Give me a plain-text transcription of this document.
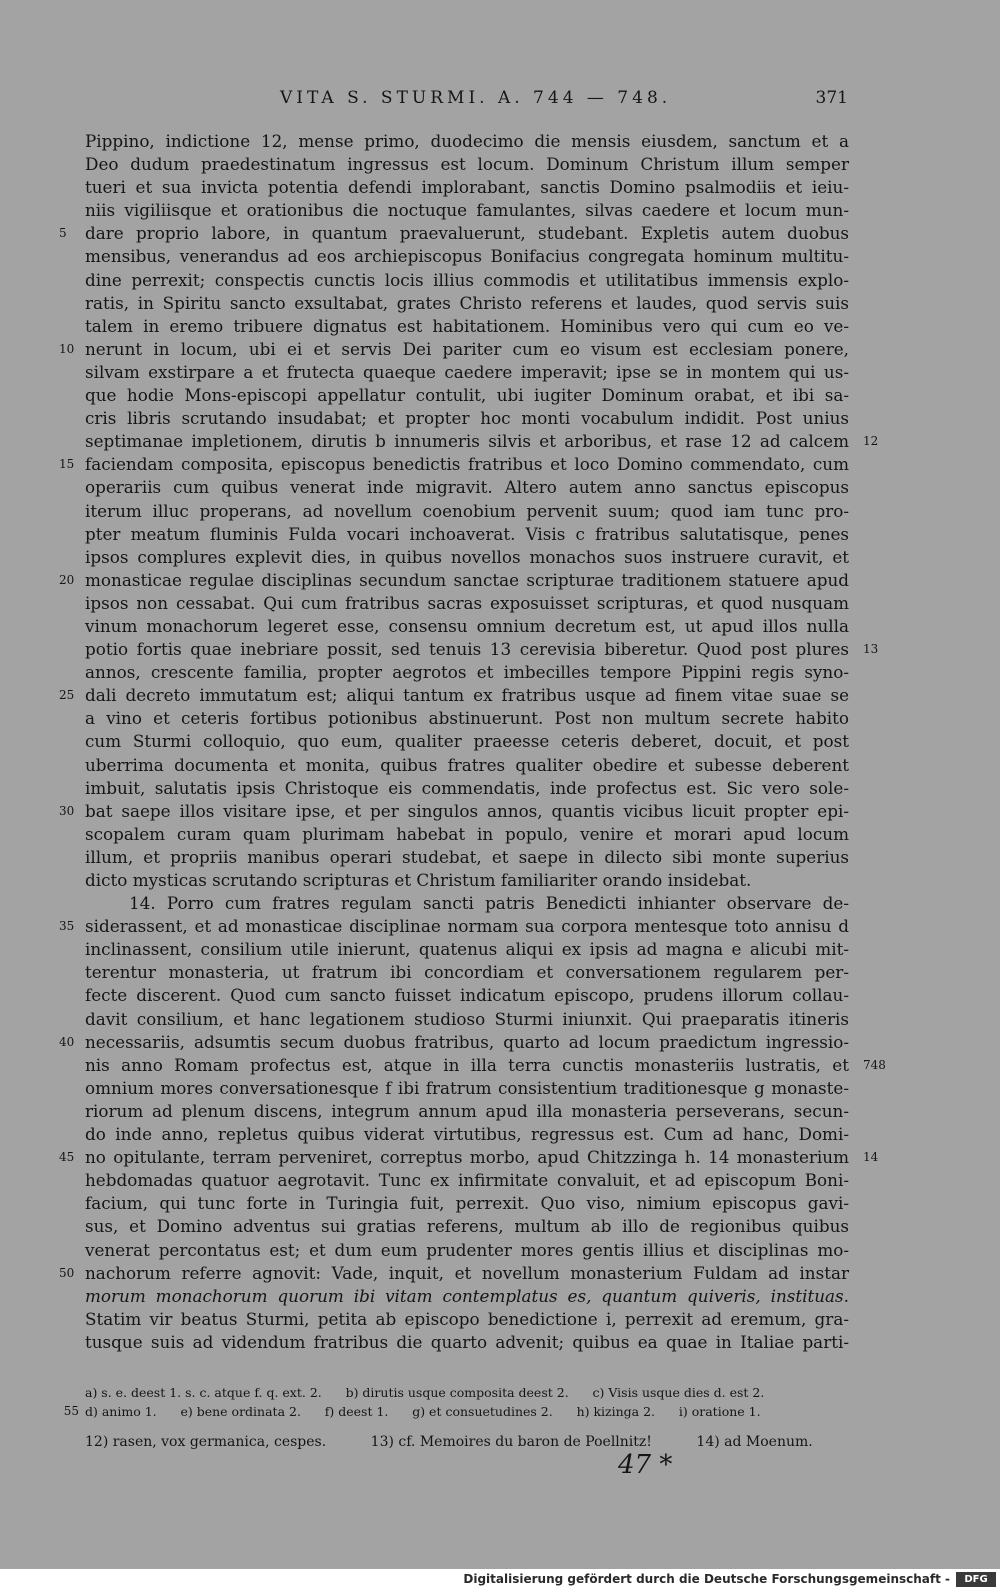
VITA S. STURMI. A. 744 — 748.	371
Pippino, indictione 12, mense primo, duodecimo die mensis eiusdem, sanctum et a
Deo dudum praedestinatum ingressus est locum. Dominum Christum illum semper
tueri et sua invicta potentia defendi implorabant, sanctis Domino psalmodiis et ieiu-
niis vigiliisque et orationibus die noctuque famulantes, silvas caedere et locum mun-
5	dare proprio labore, in quantum praevaluerunt, studebant. Expletis autem duobus
mensibus, venerandus ad eos archiepiscopus Bonifacius congregata hominum multitu-
dine perrexit; conspectis cunctis locis illius commodis et utilitatibus immensis explo-
ratis, in Spiritu sancto exsultabat, grates Christo referens et laudes, quod servis suis
talem in eremo tribuere dignatus est habitationem. Hominibus vero qui cum eo ve-
10 nerunt in locum, ubi ei et servis Dei pariter cum eo visum est ecclesiam ponere,
silvam exstirpare a et frutecta quaeque caedere imperavit; ipse se in montem qui us-
que hodie Mons-episcopi appellatur contulit, ubi iugiter Dominum orabat, et ibi sa-
cris libris scrutando insudabat; et propter hoc monti vocabulum indidit. Post unius
septimanae impletionem, dirutis b innumeris silvis et arboribus, et rase 12 ad calcem 12
15 faciendam composita, episcopus benedictis fratribus et loco Domino commendato, cum
operariis cum quibus venerat inde migravit. Altero autem anno sanctus episcopus
iterum illuc properans, ad novellum coenobium pervenit suum; quod iam tunc pro-
pter meatum fluminis Fulda vocari inchoaverat. Visis c fratribus salutatisque, penes
ipsos complures explevit dies, in quibus novellos monachos suos instruere curavit, et
20 monasticae regulae disciplinas secundum sanctae scripturae traditionem statuere apud
ipsos non cessabat. Qui cum fratribus sacras exposuisset scripturas, et quod nusquam
vinum monachorum legeret esse, consensu omnium decretum est, ut apud illos nulla
potio fortis quae inebriare possit, sed tenuis 13 cerevisia biberetur. Quod post plures 13
annos, crescente familia, propter aegrotos et imbecilles tempore Pippini regis syno-
25 dali decreto immutatum est; aliqui tantum ex fratribus usque ad finem vitae suae se
a vino et ceteris fortibus potionibus abstinuerunt. Post non multum secrete habito
cum Sturmi colloquio, quo eum, qualiter praeesse ceteris deberet, docuit, et post
uberrima documenta et monita, quibus fratres qualiter obedire et subesse deberent
imbuit, salutatis ipsis Christoque eis commendatis, inde profectus est. Sic vero sole-
30 bat saepe illos visitare ipse, et per singulos annos, quantis vicibus licuit propter epi-
scopalem curam quam plurimam habebat in populo, venire et morari apud locum
illum, et propriis manibus operari studebat, et saepe in dilecto sibi monte superius
dicto mysticas scrutando scripturas et Christum familiariter orando insidebat.
14. Porro cum fratres regulam sancti patris Benedicti inhianter observare de-
35 siderassent, et ad monasticae disciplinae normam sua corpora mentesque toto annisu d
inclinassent, consilium utile inierunt, quatenus aliqui ex ipsis ad magna e alicubi mit-
terentur monasteria, ut fratrum ibi concordiam et conversationem regularem per-
fecte discerent. Quod cum sancto fuisset indicatum episcopo, prudens illorum collau-
davit consilium, et hanc legationem studioso Sturmi iniunxit. Qui praeparatis itineris
40 necessariis, adsumtis secum duobus fratribus, quarto ad locum praedictum ingressio-
nis anno Romam profectus est, atque in illa terra cunctis monasteriis lustratis, et 748
omnium mores conversationesque f ibi fratrum consistentium traditionesque g monaste-
riorum ad plenum discens, integrum annum apud illa monasteria perseverans, secun-
do inde anno, repletus quibus viderat virtutibus, regressus est. Cum ad hanc, Domi-
45 no opitulante, terram perveniret, correptus morbo, apud Chitzzinga h. 14 monasterium 14
hebdomadas quatuor aegrotavit. Tunc ex infirmitate convaluit, et ad episcopum Boni-
facium, qui tunc forte in Turingia fuit, perrexit. Quo viso, nimium episcopus gavi-
sus, et Domino adventus sui gratias referens, multum ab illo de regionibus quibus
venerat percontatus est; et dum eum prudenter mores gentis illius et disciplinas mo-
50 nachorum referre agnovit: Vade, inquit, et novellum monasterium Fuldam ad instar
morum monachorum quorum ibi vitam contemplatus es, quantum quiveris, instituas.
Statim vir beatus Sturmi, petita ab episcopo benedictione i, perrexit ad eremum, gra-
tusque suis ad videndum fratribus die quarto advenit; quibus ea quae in Italiae parti-
a) s. e. deest 1. s. c. atque f. q. ext. 2.      b) dirutis usque composita deest 2.      c) Visis usque dies d. est 2.
55 d) animo 1.      e) bene ordinata 2.      f) deest 1.      g) et consuetudines 2.      h) kizinga 2.      i) oratione 1.
12) rasen, vox germanica, cespes.          13) cf. Memoires du baron de Poellnitz!          14) ad Moenum.
47 *
Digitalisierung gefördert durch die Deutsche Forschungsgemeinschaft -	DFG
